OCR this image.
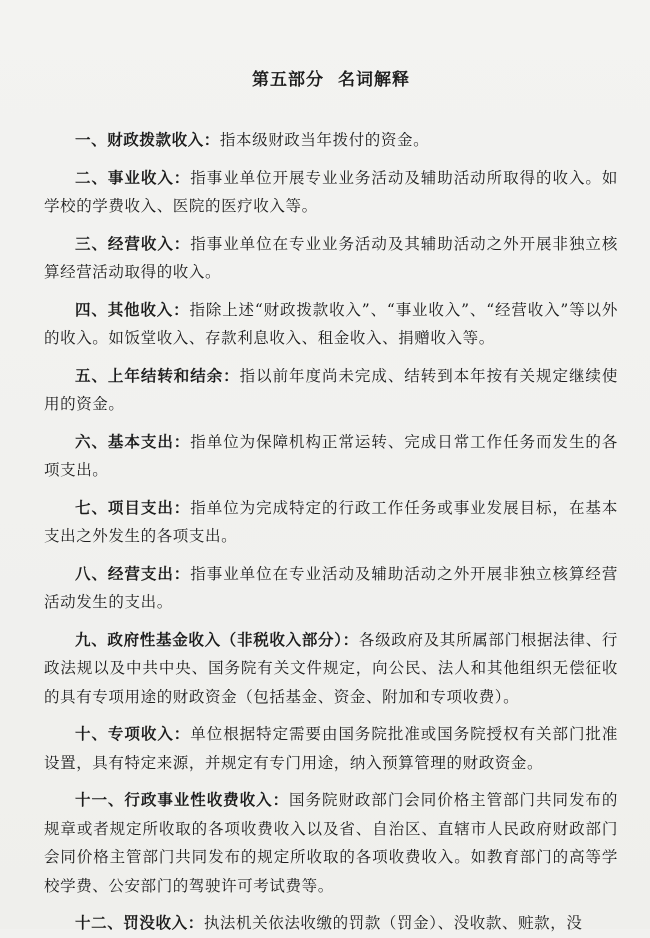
第五部分 名词解释
一、财政拨款收入：指本级财政当年拨付的资金。
二、事业收入：指事业单位开展专业业务活动及辅助活动所取得的收入。如学校的学费收入、医院的医疗收入等。
三、经营收入：指事业单位在专业业务活动及其辅助活动之外开展非独立核算经营活动取得的收入。
四、其他收入：指除上述“财政拨款收入”、“事业收入”、“经营收入”等以外的收入。如饭堂收入、存款利息收入、租金收入、捐赠收入等。
五、上年结转和结余：指以前年度尚未完成、结转到本年按有关规定继续使用的资金。
六、基本支出：指单位为保障机构正常运转、完成日常工作任务而发生的各项支出。
七、项目支出：指单位为完成特定的行政工作任务或事业发展目标，在基本支出之外发生的各项支出。
八、经营支出：指事业单位在专业活动及辅助活动之外开展非独立核算经营活动发生的支出。
九、政府性基金收入（非税收入部分）：各级政府及其所属部门根据法律、行政法规以及中共中央、国务院有关文件规定，向公民、法人和其他组织无偿征收的具有专项用途的财政资金（包括基金、资金、附加和专项收费）。
十、专项收入：单位根据特定需要由国务院批准或国务院授权有关部门批准设置，具有特定来源，并规定有专门用途，纳入预算管理的财政资金。
十一、行政事业性收费收入：国务院财政部门会同价格主管部门共同发布的规章或者规定所收取的各项收费收入以及省、自治区、直辖市人民政府财政部门会同价格主管部门共同发布的规定所收取的各项收费收入。如教育部门的高等学校学费、公安部门的驾驶许可考试费等。
十二、罚没收入：执法机关依法收缴的罚款（罚金）、没收款、赃款，没
